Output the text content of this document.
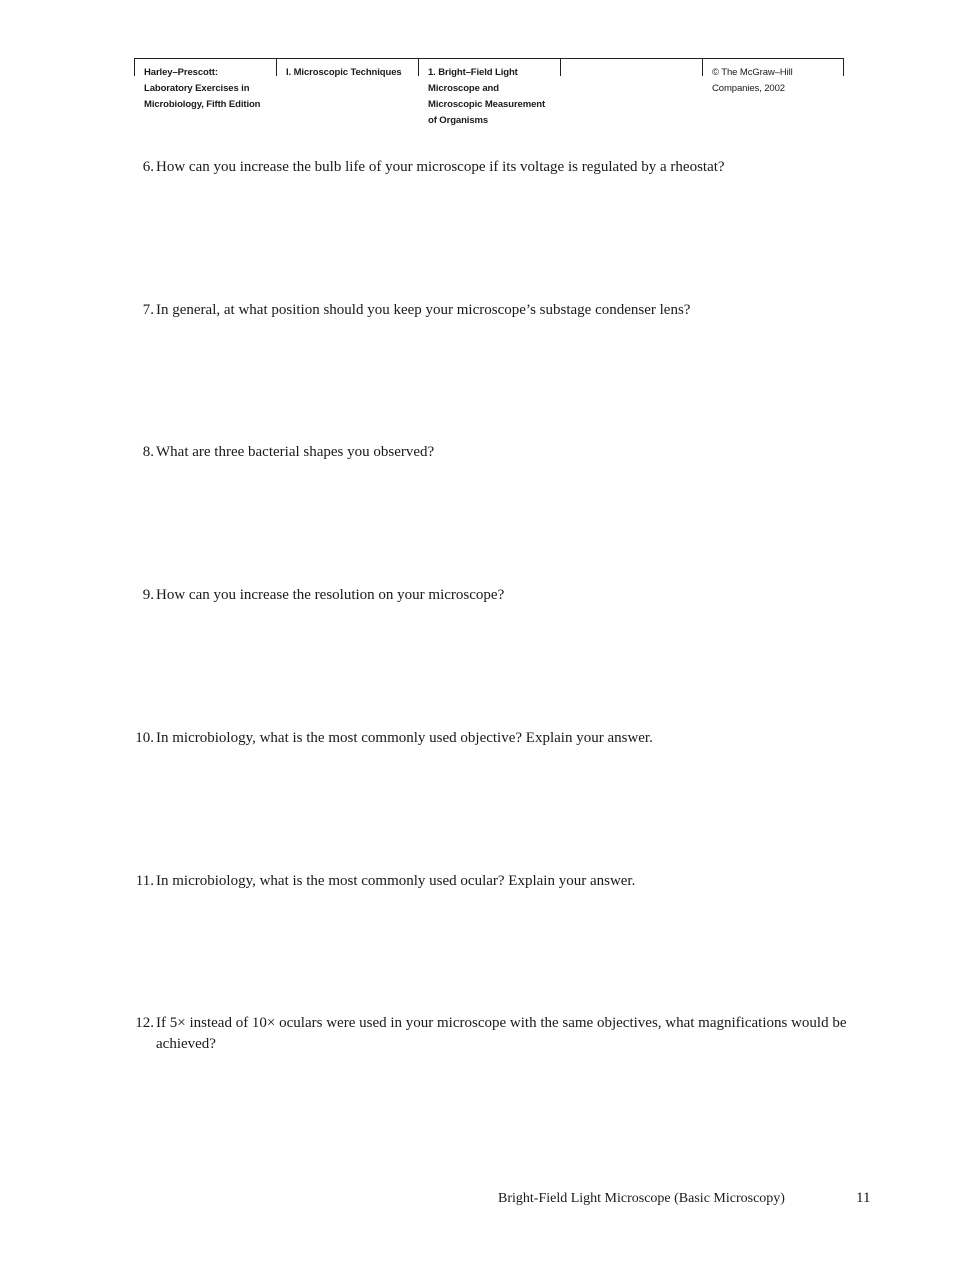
Harley–Prescott:
Laboratory Exercises in
Microbiology, Fifth Edition
I. Microscopic Techniques	1. Bright–Field Light
Microscope and
Microscopic Measurement
of Organisms
© The McGraw–Hill
Companies, 2002
6. How can you increase the bulb life of your microscope if its voltage is regulated by a rheostat?
7. In general, at what position should you keep your microscope’s substage condenser lens?
8. What are three bacterial shapes you observed?
9. How can you increase the resolution on your microscope?
10. In microbiology, what is the most commonly used objective? Explain your answer.
11. In microbiology, what is the most commonly used ocular? Explain your answer.
12. If 5× instead of 10× oculars were used in your microscope with the same objectives, what magnifications would be achieved?
Bright-Field Light Microscope (Basic Microscopy)	11
